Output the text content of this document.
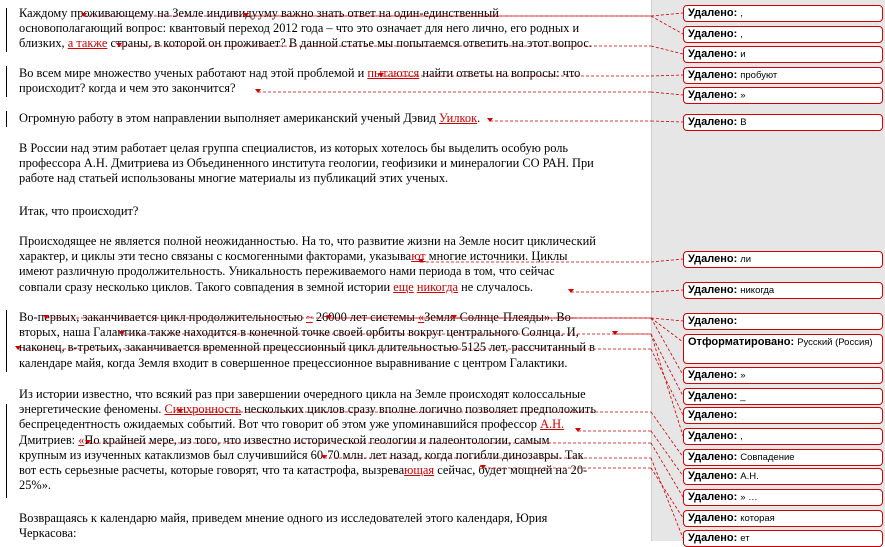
Каждому проживающему на Земле индивидууму важно знать ответ на один-единственный
основополагающий вопрос: квантовый переход 2012 года – что это означает для него лично, его родных и
близких, а также страны, в которой он проживает? В данной статье мы попытаемся ответить на этот вопрос.
Во всем мире множество ученых работают над этой проблемой и пытаются найти ответы на вопросы: что
происходит? когда и чем это закончится?
Огромную работу в этом направлении выполняет американский ученый Дэвид Уилкок.
В России над этим работает целая группа специалистов, из которых хотелось бы выделить особую роль
профессора А.Н. Дмитриева из Объединенного института геологии, геофизики и минералогии СО РАН. При
работе над статьей использованы многие материалы из публикаций этих ученых.
Итак, что происходит?
Происходящее не является полной неожиданностью. На то, что развитие жизни на Земле носит циклический
характер, и циклы эти тесно связаны с космогенными факторами, указывают многие источники. Циклы
имеют различную продолжительность. Уникальность переживаемого нами периода в том, что сейчас
совпали сразу несколько циклов. Такого совпадения в земной истории еще никогда не случалось.
Во-первых, заканчивается цикл продолжительностью ~ 26000 лет системы «Земля-Солнце-Плеяды». Во-
вторых, наша Галактика также находится в конечной точке своей орбиты вокруг центрального Солнца. И,
наконец, в-третьих, заканчивается временной прецессионный цикл длительностью 5125 лет, рассчитанный в
календаре майя, когда Земля входит в совершенное прецессионное выравнивание с центром Галактики.
Из истории известно, что всякий раз при завершении очередного цикла на Земле происходят колоссальные
энергетические феномены. Синхронность нескольких циклов сразу вполне логично позволяет предположить
беспрецедентность ожидаемых событий. Вот что говорит об этом уже упоминавшийся профессор А.Н.
Дмитриев: «По крайней мере, из того, что известно исторической геологии и палеонтологии, самым
крупным из изученных катаклизмов был случившийся 60-70 млн. лет назад, когда погибли динозавры. Так
вот есть серьезные расчеты, которые говорят, что та катастрофа, вызревающая сейчас, будет мощней на 20-
25%».
Возвращаясь к календарю майя, приведем мнение одного из исследователей этого календаря, Юрия
Черкасова:
Удалено: ,
Удалено: ,
Удалено: и
Удалено: пробуют
Удалено: »
Удалено: В
Удалено: ли
Удалено: никогда
Удалено:
Отформатировано: Русский (Россия)
Удалено: »
Удалено: _
Удалено:
Удалено: ,
Удалено: Совпадение
Удалено: А.Н.
Удалено: » …
Удалено: которая
Удалено: ет
